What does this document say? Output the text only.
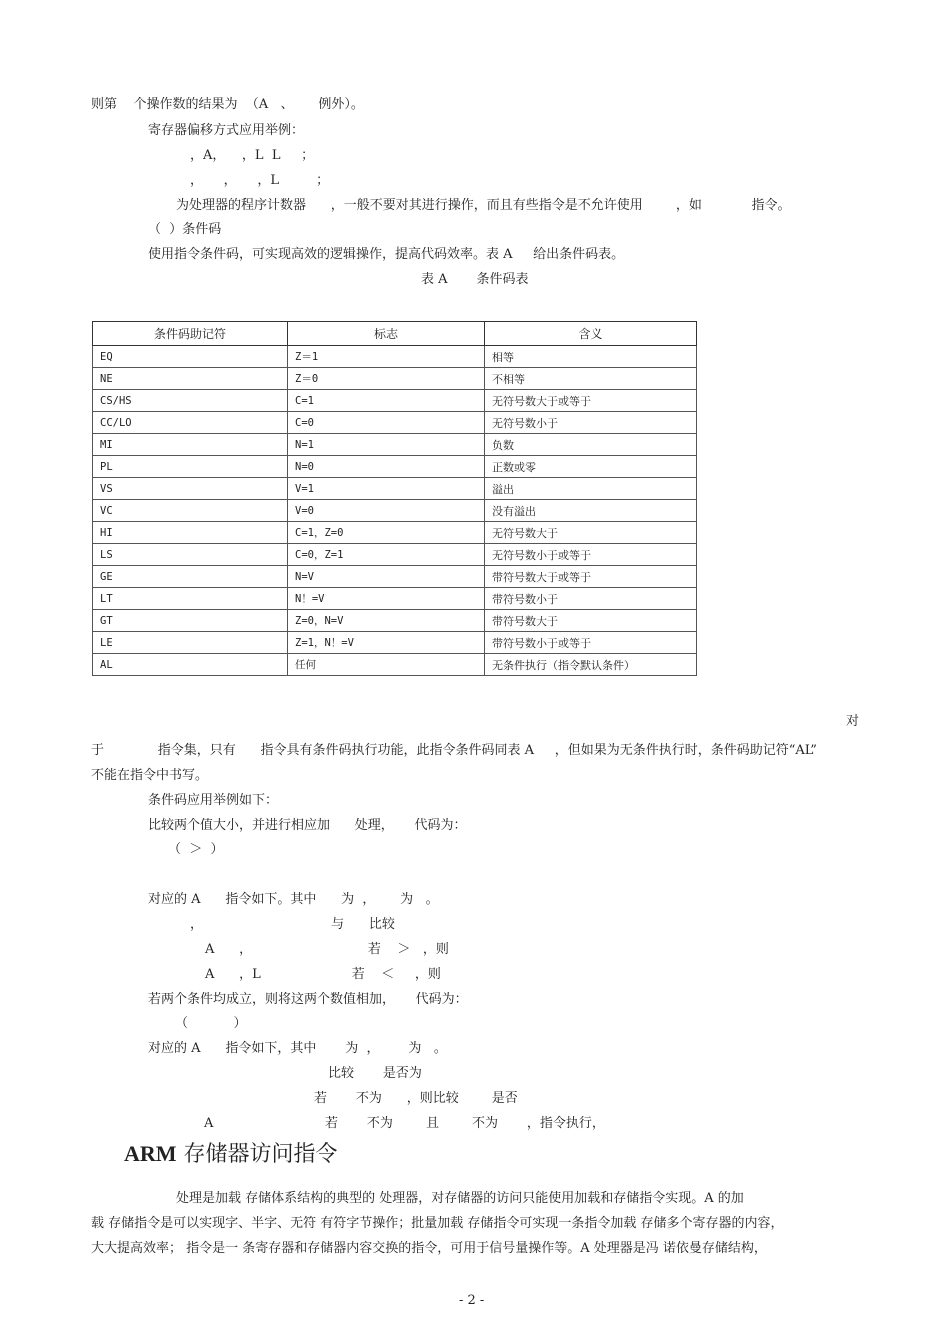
则第    个操作数的结果为  （A   、      例外）。
寄存器偏移方式应用举例：
，A，    ，L  L     ；
，     ，     ，L         ；
为处理器的程序计数器      ，一般不要对其进行操作，而且有些指令是不允许使用        ，如            指令。
（  ）条件码
使用指令条件码，可实现高效的逻辑操作，提高代码效率。表 A     给出条件码表。
表 A       条件码表
条件码助记符	标志	含义
EQ	Z＝1	相等
NE	Z＝0	不相等
CS/HS	C=1	无符号数大于或等于
CC/LO	C=0	无符号数小于
MI	N=1	负数
PL	N=0	正数或零
VS	V=1	溢出
VC	V=0	没有溢出
HI	C=1，Z=0	无符号数大于
LS	C=0，Z=1	无符号数小于或等于
GE	N=V	带符号数大于或等于
LT	N！=V	带符号数小于
GT	Z=0，N=V	带符号数大于
LE	Z=1，N！=V	带符号数小于或等于
AL	任何	无条件执行（指令默认条件）
对
于             指令集，只有      指令具有条件码执行功能，此指令条件码同表 A     ，但如果为无条件执行时，条件码助记符“AL”
不能在指令中书写。
条件码应用举例如下：
比较两个值大小，并进行相应加      处理，     代码为：
（  ＞  ）
对应的 A      指令如下。其中      为  ，      为   。
，                               与      比较
A      ，                            若    ＞   ，则
A      ，L                      若    ＜     ，则
若两个条件均成立，则将这两个数值相加，     代码为：
（           ）
对应的 A      指令如下，其中       为  ，       为   。
比较       是否为
若       不为      ，则比较        是否
A                           若       不为        且        不为       ，指令执行，
ARM 存储器访问指令
处理是加载 存储体系结构的典型的 处理器，对存储器的访问只能使用加载和存储指令实现。A 的加
载 存储指令是可以实现字、半字、无符 有符字节操作；批量加载 存储指令可实现一条指令加载 存储多个寄存器的内容，
大大提高效率； 指令是一 条寄存器和存储器内容交换的指令，可用于信号量操作等。A 处理器是冯 诺依曼存储结构，
- 2 -
